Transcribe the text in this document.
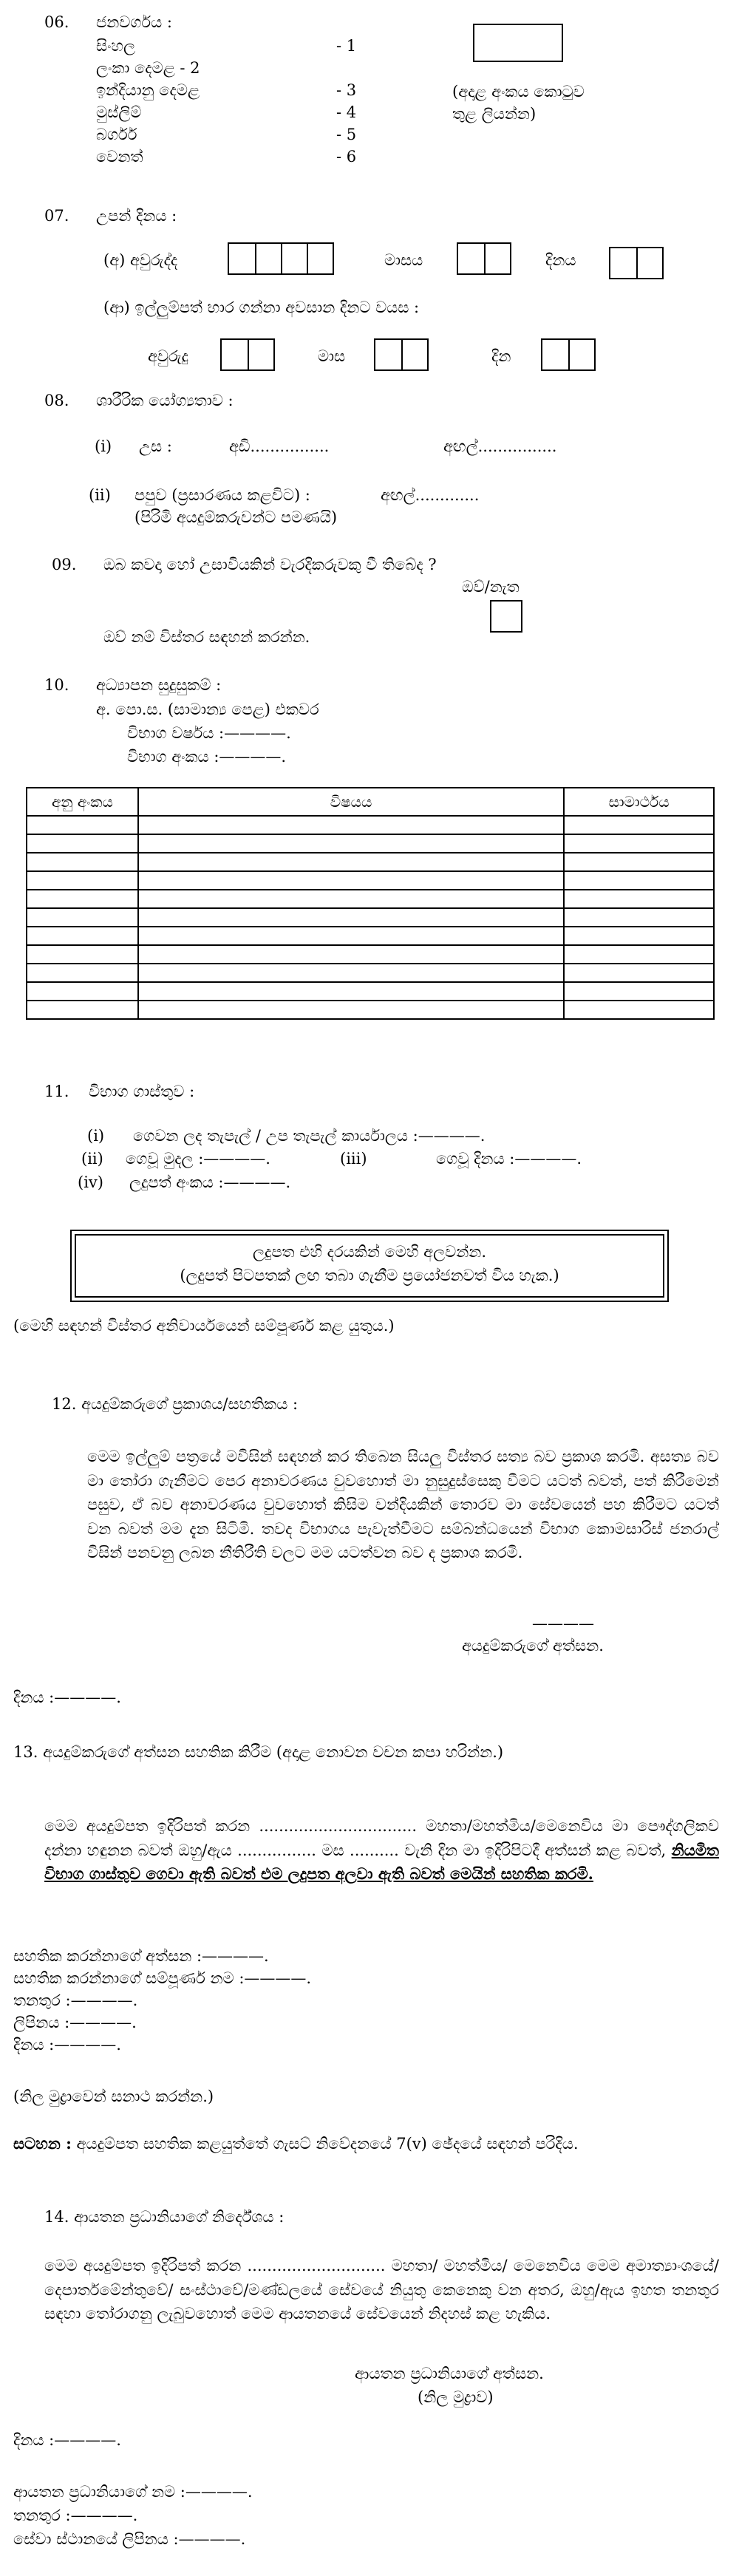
06. ජනවර්ගය :
සිංහල	- 1
ලංකා දෙමළ - 2
ඉන්දියානු දෙමළ	- 3
මුස්ලිම්	- 4
බර්ගර්	- 5
වෙනත්	- 6
(අදාළ අංකය කොටුව
තුළ ලියන්න)
07. උපන් දිනය :
(අ) අවුරුද්ද	මාසය	දිනය
(ආ) ඉල්ලුම්පත් භාර ගන්නා අවසාන දිනට වයස :
අවුරුදු	මාස	දින
08. ශාරීරික යෝග්‍යතාව :
(i) උස :	අඩි................	අඟල්................
(ii) පපුව (ප්‍රසාරණය කළවිට) :	අඟල්.............
(පිරිමි අයදුම්කරුවන්ට පමණයි)
09. ඔබ කවදා හෝ උසාවියකින් වැරදිකරුවකු වී තිබේද ?
ඔව්/නැත
ඔව් නම් විස්තර සඳහන් කරන්න.
10. අධ්‍යාපන සුදුසුකම් :
අ. පො.ස. (සාමාන්‍ය පෙළ) එකවර
විභාග වර්ෂය :————.
විභාග අංකය :————.
අනු අංකය	විෂයය	සාමාර්ථය

11. විභාග ගාස්තුව :
(i) ගෙවන ලද තැපැල් / උප තැපැල් කාර්යාලය :————.
(ii) ගෙවූ මුදල :————.	(iii)	ගෙවූ දිනය :————.
(iv) ලදුපත් අංකය :————.
ලදුපත එහි දරයකින් මෙහි අලවන්න.
(ලදුපත් පිටපතක් ලඟ තබා ගැනීම ප්‍රයෝජනවත් විය හැක.)
(මෙහි සඳහන් විස්තර අනිවාර්යයෙන් සම්පූර්ණ කළ යුතුය.)
12. අයදුම්කරුගේ ප්‍රකාශය/සහතිකය :
මෙම ඉල්ලුම් පත්‍රයේ මවිසින් සඳහන් කර තිබෙන සියලු විස්තර සත්‍ය බව ප්‍රකාශ කරමි. අසත්‍ය බව මා තෝරා ගැනීමට පෙර අනාවරණය වුවහොත් මා නුසුදුස්සෙකු වීමට යටත් බවත්, පත් කිරීමෙන් පසුව, ඒ බව අනාවරණය වුවහොත් කිසිම වන්දියකින් තොරව මා සේවයෙන් පහ කිරීමට යටත් වන බවත් මම දැන සිටිමි. තවද විභාගය පැවැත්වීමට සම්බන්ධයෙන් විභාග කොමසාරිස් ජනරාල් විසින් පනවනු ලබන නීතිරීති වලට මම යටත්වන බව ද ප්‍රකාශ කරමි.
————
අයදුම්කරුගේ අත්සන.
දිනය :————.
13. අයදුම්කරුගේ අත්සන සහතික කිරීම (අදාළ නොවන වචන කපා හරින්න.)
මෙම අයදුම්පත ඉදිරිපත් කරන ................................ මහතා/මහත්මිය/මෙනෙවිය මා පෞද්ගලිකව දන්නා හඳුනන බවත් ඔහු/ඇය ................ මස .......... වැනි දින මා ඉදිරිපිටදී අත්සන් කළ බවත්, නියමිත විභාග ගාස්තුව ගෙවා ඇති බවත් එම ලදුපත අලවා ඇති බවත් මෙයින් සහතික කරමි.
සහතික කරන්නාගේ අත්සන :————.
සහතික කරන්නාගේ සම්පූර්ණ නම :————.
තනතුර :————.
ලිපිනය :————.
දිනය :————.
(නිල මුද්‍රාවෙන් සනාථ කරන්න.)
සටහන : අයදුම්පත සහතික කළයුත්තේ ගැසට් නිවේදනයේ 7(v) ඡේදයේ සඳහන් පරිදිය.
14. ආයතන ප්‍රධානියාගේ නිර්දේශය :
මෙම අයදුම්පත ඉදිරිපත් කරන ............................ මහතා/ මහත්මිය/ මෙනෙවිය මෙම අමාත්‍යාංශයේ/ දෙපාර්තමේන්තුවේ/ සංස්ථාවේ/මණ්ඩලයේ සේවයේ නියුතු කෙනෙකු වන අතර, ඔහු/ඇය ඉහත තනතුර සඳහා තෝරාගනු ලැබුවහොත් මෙම ආයතනයේ සේවයෙන් නිදහස් කළ හැකිය.
ආයතන ප්‍රධානියාගේ අත්සන.
(නිල මුද්‍රාව)
දිනය :————.
ආයතන ප්‍රධානියාගේ නම :————.
තනතුර :————.
සේවා ස්ථානයේ ලිපිනය :————.
